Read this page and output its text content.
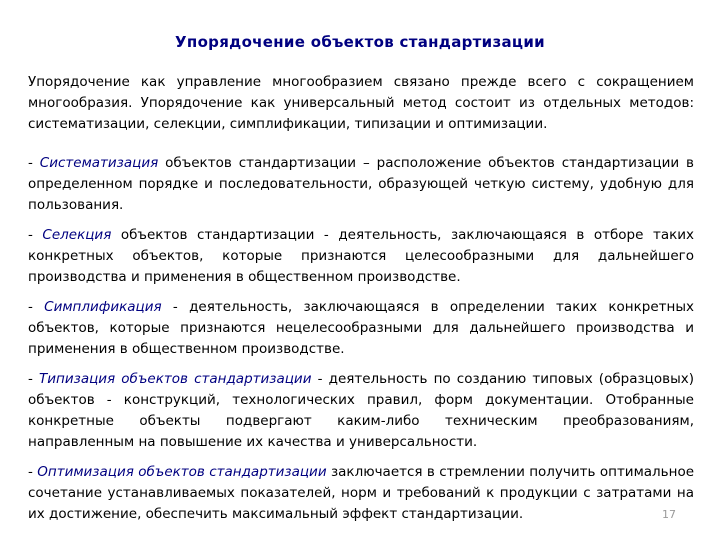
Упорядочение объектов стандартизации

Упорядочение как управление многообразием связано прежде всего с сокращением многообразия. Упорядочение как универсальный метод состоит из отдельных методов: систематизации, селекции, симплификации, типизации и оптимизации.

- Систематизация объектов стандартизации – расположение объектов стандартизации в определенном порядке и последовательности, образующей четкую систему, удобную для пользования.

- Селекция объектов стандартизации - деятельность, заключающаяся в отборе таких конкретных объектов, которые признаются целесообразными для дальнейшего производства и применения в общественном производстве.

- Симплификация - деятельность, заключающаяся в определении таких конкретных объектов, которые признаются нецелесообразными для дальнейшего производства и применения в общественном производстве.

- Типизация объектов стандартизации - деятельность по созданию типовых (образцовых) объектов - конструкций, технологических правил, форм документации. Отобранные конкретные объекты подвергают каким-либо техническим преобразованиям, направленным на повышение их качества и универсальности.

- Оптимизация объектов стандартизации заключается в стремлении получить оптимальное сочетание устанавливаемых показателей, норм и требований к продукции с затратами на их достижение, обеспечить максимальный эффект стандартизации.	17
